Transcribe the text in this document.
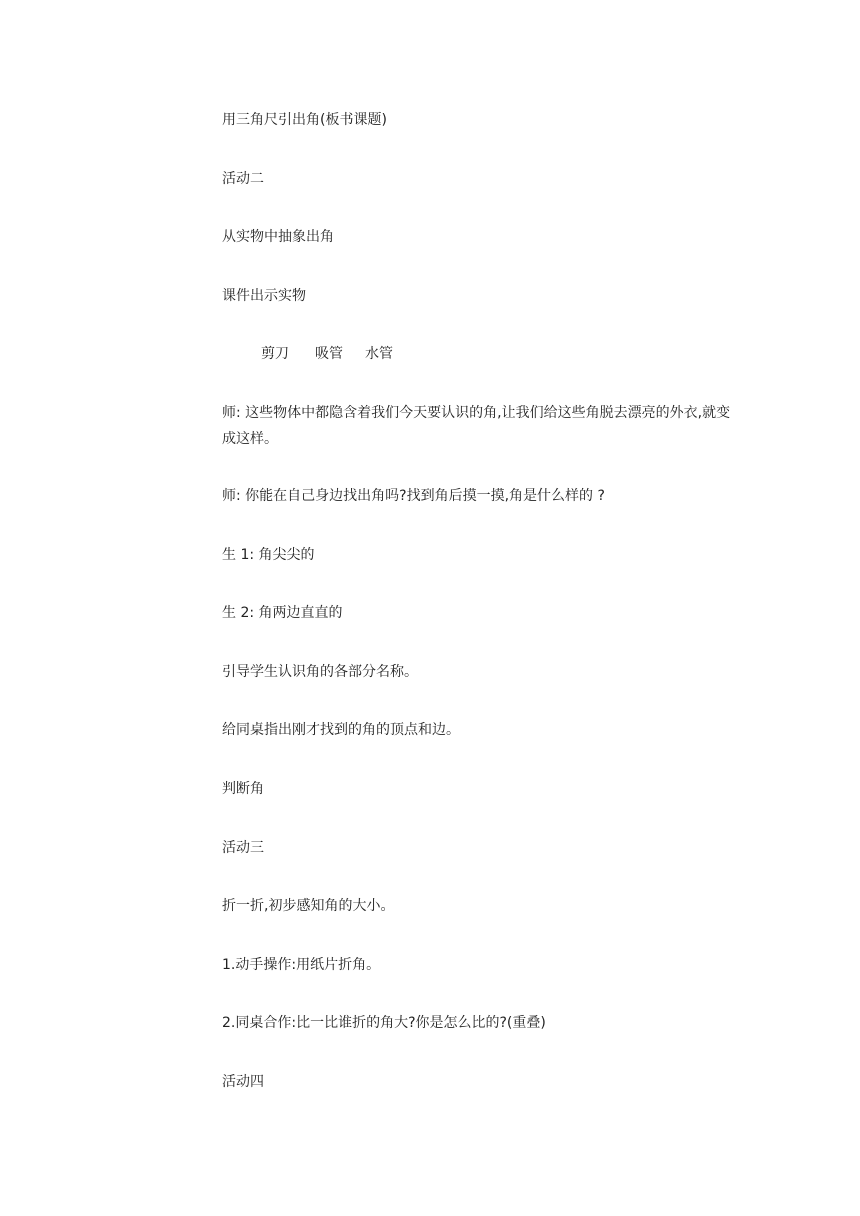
用三角尺引出角(板书课题)
活动二
从实物中抽象出角
课件出示实物
剪刀 吸管 水管
师: 这些物体中都隐含着我们今天要认识的角,让我们给这些角脱去漂亮的外衣,就变成这样。
师: 你能在自己身边找出角吗?找到角后摸一摸,角是什么样的 ?
生 1: 角尖尖的
生 2: 角两边直直的
引导学生认识角的各部分名称。
给同桌指出刚才找到的角的顶点和边。
判断角
活动三
折一折,初步感知角的大小。
1.动手操作:用纸片折角。
2.同桌合作:比一比谁折的角大?你是怎么比的?(重叠)
活动四
